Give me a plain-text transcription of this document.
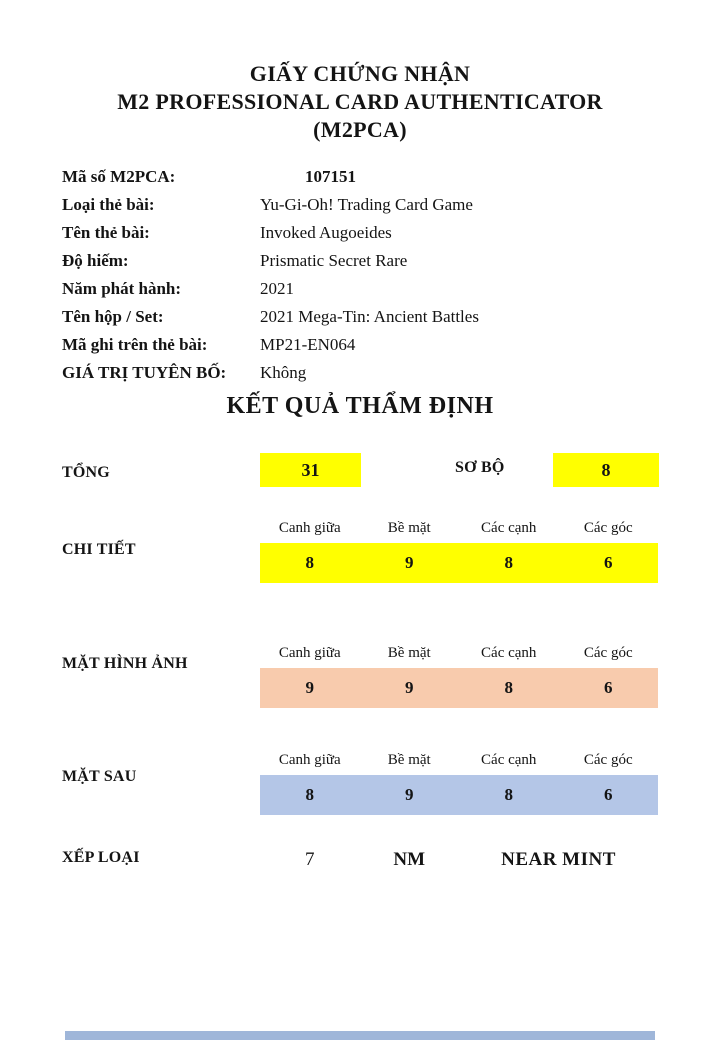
GIẤY CHỨNG NHẬN
M2 PROFESSIONAL CARD AUTHENTICATOR
(M2PCA)
Mã số M2PCA:	107151
Loại thẻ bài:	Yu-Gi-Oh! Trading Card Game
Tên thẻ bài:	Invoked Augoeides
Độ hiếm:	Prismatic Secret Rare
Năm phát hành:	2021
Tên hộp / Set:	2021 Mega-Tin: Ancient Battles
Mã ghi trên thẻ bài:	MP21-EN064
GIÁ TRỊ TUYÊN BỐ:	Không
KẾT QUẢ THẨM ĐỊNH
TỔNG	31	SƠ BỘ	8
CHI TIẾT
Canh giữa	Bề mặt	Các cạnh	Các góc
8	9	8	6
MẶT HÌNH ẢNH
Canh giữa	Bề mặt	Các cạnh	Các góc
9	9	8	6
MẶT SAU
Canh giữa	Bề mặt	Các cạnh	Các góc
8	9	8	6
XẾP LOẠI	7	NM	NEAR MINT
